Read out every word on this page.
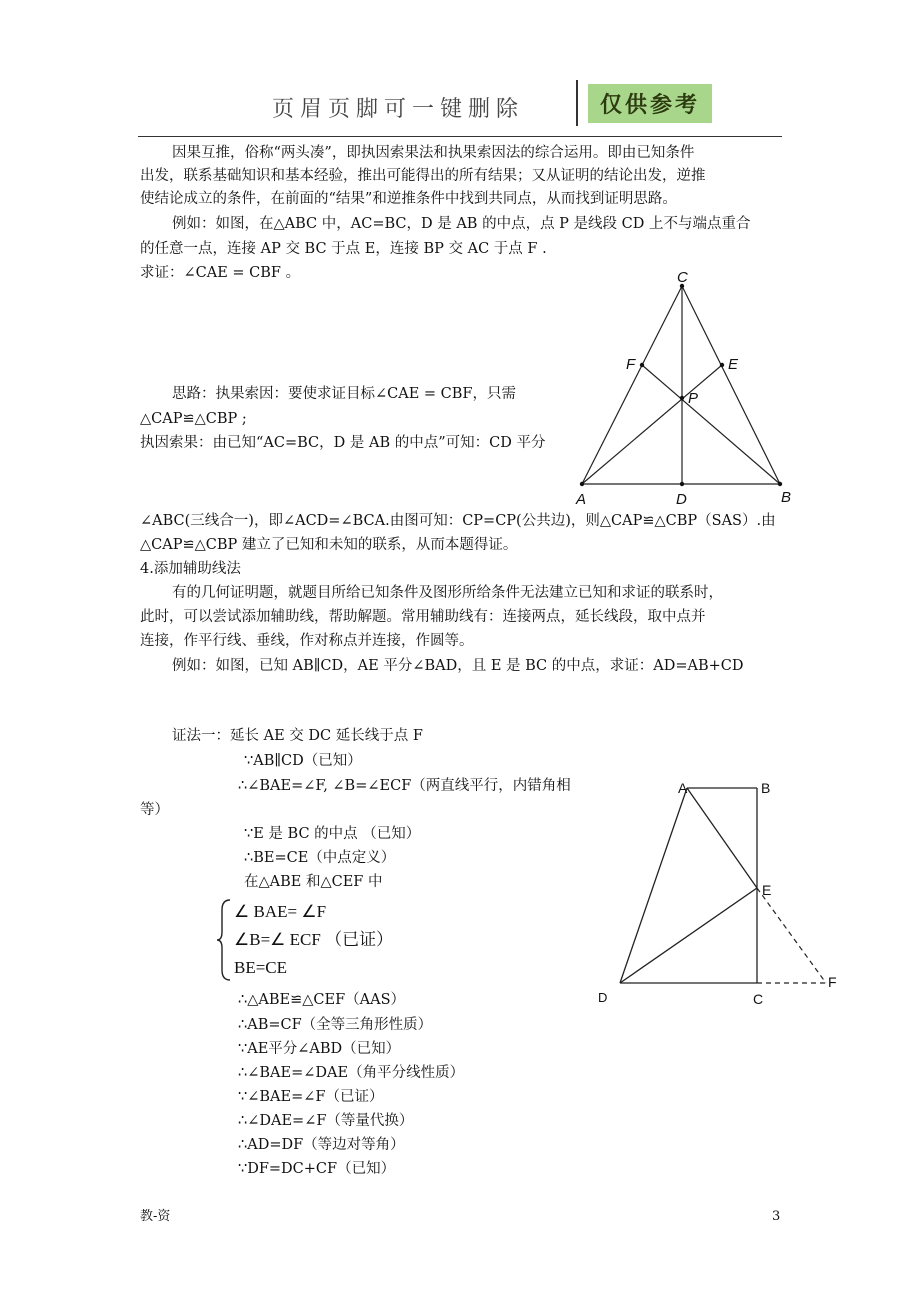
页眉页脚可一键删除	仅供参考
因果互推，俗称“两头凑”，即执因索果法和执果索因法的综合运用。即由已知条件
出发，联系基础知识和基本经验，推出可能得出的所有结果；又从证明的结论出发，逆推
使结论成立的条件，在前面的“结果”和逆推条件中找到共同点，从而找到证明思路。
例如：如图，在△ABC 中，AC=BC，D 是 AB 的中点，点 P 是线段 CD 上不与端点重合
的任意一点，连接 AP 交 BC 于点 E，连接 BP 交 AC 于点 F .
求证：∠CAE = CBF 。
思路：执果索因：要使求证目标∠CAE = CBF，只需
△CAP≌△CBP ;
执因索果：由已知“AC=BC，D 是 AB 的中点”可知：CD 平分
∠ABC(三线合一)，即∠ACD=∠BCA.由图可知：CP=CP(公共边)，则△CAP≌△CBP（SAS）.由
△CAP≌△CBP 建立了已知和未知的联系，从而本题得证。
C
F	E
P
A	D	B
4.添加辅助线法
有的几何证明题，就题目所给已知条件及图形所给条件无法建立已知和求证的联系时，
此时，可以尝试添加辅助线，帮助解题。常用辅助线有：连接两点，延长线段，取中点并
连接，作平行线、垂线，作对称点并连接，作圆等。
例如：如图，已知 AB∥CD，AE 平分∠BAD，且 E 是 BC 的中点，求证：AD=AB+CD
证法一：延长 AE 交 DC 延长线于点 F
∵AB∥CD（已知）
∴∠BAE=∠F, ∠B=∠ECF（两直线平行，内错角相
等）
∵E 是 BC 的中点 （已知）
∴BE=CE（中点定义）
在△ABE 和△CEF 中
∠ BAE= ∠F
∠B=∠ ECF （已证）
BE=CE
∴△ABE≌△CEF（AAS）
∴AB=CF（全等三角形性质）
∵AE平分∠ABD（已知）
∴∠BAE=∠DAE（角平分线性质）
∵∠BAE=∠F（已证）
∴∠DAE=∠F（等量代换）
∴AD=DF（等边对等角）
∵DF=DC+CF（已知）
A	B
E
F
D	C
教-资	3
